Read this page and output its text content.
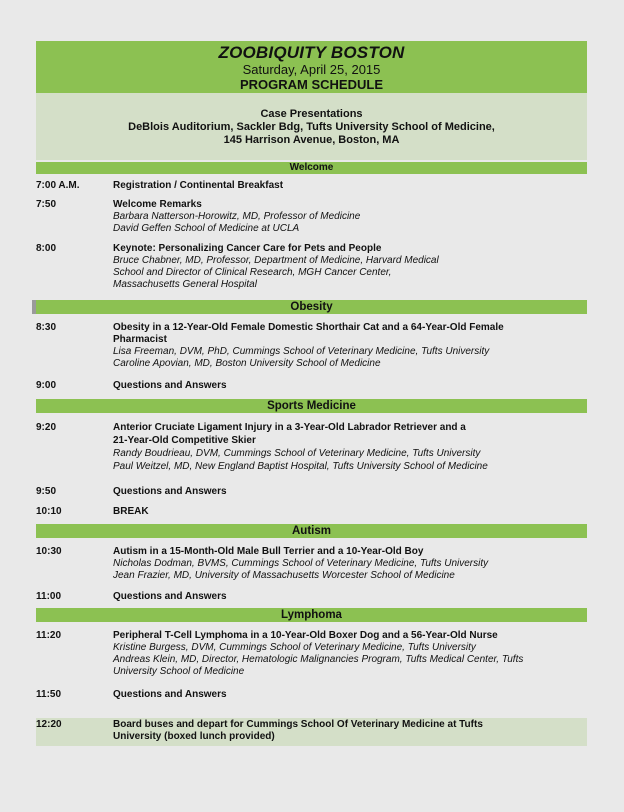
ZOOBIQUITY BOSTON
Saturday, April 25, 2015
PROGRAM SCHEDULE
Case Presentations
DeBlois Auditorium, Sackler Bdg, Tufts University School of Medicine,
145 Harrison Avenue, Boston, MA
Welcome
Obesity
Sports Medicine
Autism
Lymphoma
7:00 A.M.	Registration / Continental Breakfast
7:50	Welcome Remarks
Barbara Natterson-Horowitz, MD, Professor of Medicine
David Geffen School of Medicine at UCLA
8:00	Keynote: Personalizing Cancer Care for Pets and People
Bruce Chabner, MD, Professor, Department of Medicine, Harvard Medical
School and Director of Clinical Research, MGH Cancer Center,
Massachusetts General Hospital
8:30	Obesity in a 12-Year-Old Female Domestic Shorthair Cat and a 64-Year-Old Female
Pharmacist
Lisa Freeman, DVM, PhD, Cummings School of Veterinary Medicine, Tufts University
Caroline Apovian, MD, Boston University School of Medicine
9:00	Questions and Answers
9:20	Anterior Cruciate Ligament Injury in a 3-Year-Old Labrador Retriever and a
21-Year-Old Competitive Skier
Randy Boudrieau, DVM, Cummings School of Veterinary Medicine, Tufts University
Paul Weitzel, MD, New England Baptist Hospital, Tufts University School of Medicine
9:50	Questions and Answers
10:10	BREAK
10:30	Autism in a 15-Month-Old Male Bull Terrier and a 10-Year-Old Boy
Nicholas Dodman, BVMS, Cummings School of Veterinary Medicine, Tufts University
Jean Frazier, MD, University of Massachusetts Worcester School of Medicine
11:00	Questions and Answers
11:20	Peripheral T-Cell Lymphoma in a 10-Year-Old Boxer Dog and a 56-Year-Old Nurse
Kristine Burgess, DVM, Cummings School of Veterinary Medicine, Tufts University
Andreas Klein, MD, Director, Hematologic Malignancies Program, Tufts Medical Center, Tufts
University School of Medicine
11:50	Questions and Answers
12:20	Board buses and depart for Cummings School Of Veterinary Medicine at Tufts
University (boxed lunch provided)
